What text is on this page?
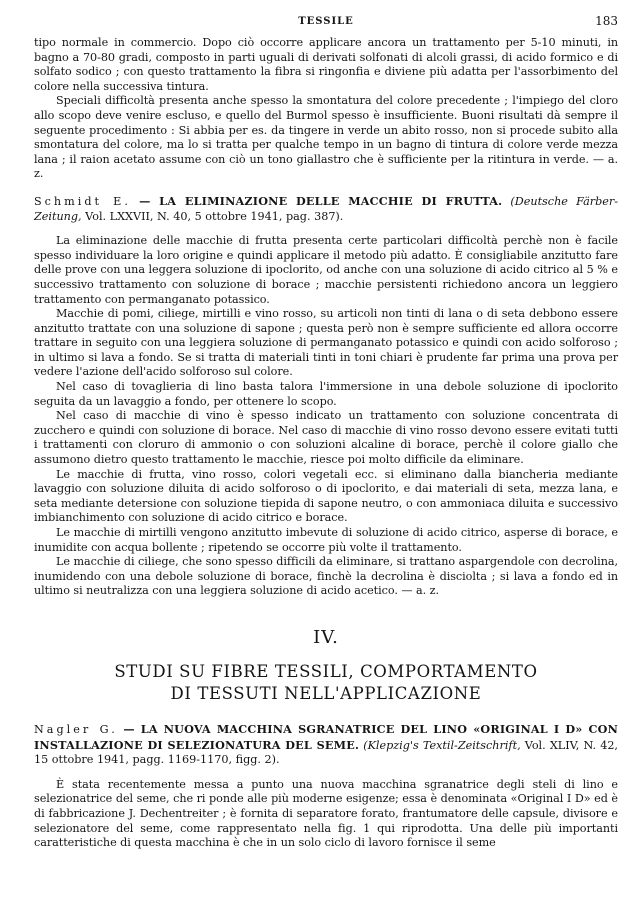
TESSILE	183

tipo normale in commercio. Dopo ciò occorre applicare ancora un trattamento per 5-10 minuti, in bagno a 70-80 gradi, composto in parti uguali di derivati solfonati di alcoli grassi, di acido formico e di solfato sodico ; con questo trattamento la fibra si ringonfia e diviene più adatta per l'assorbimento del colore nella successiva tintura.

Speciali difficoltà presenta anche spesso la smontatura del colore precedente ; l'impiego del cloro allo scopo deve venire escluso, e quello del Burmol spesso è insufficiente. Buoni risultati dà sempre il seguente procedimento : Si abbia per es. da tingere in verde un abito rosso, non si procede subito alla smontatura del colore, ma lo si tratta per qualche tempo in un bagno di tintura di colore verde mezza lana ; il raion acetato assume con ciò un tono giallastro che è sufficiente per la ritintura in verde. — a. z.

Schmidt E. — LA ELIMINAZIONE DELLE MACCHIE DI FRUTTA. (Deutsche Färber-Zeitung, Vol. LXXVII, N. 40, 5 ottobre 1941, pag. 387).

La eliminazione delle macchie di frutta presenta certe particolari difficoltà perchè non è facile spesso individuare la loro origine e quindi applicare il metodo più adatto. È consigliabile anzitutto fare delle prove con una leggera soluzione di ipoclorito, od anche con una soluzione di acido citrico al 5 % e successivo trattamento con soluzione di borace ; macchie persistenti richiedono ancora un leggiero trattamento con permanganato potassico.

Macchie di pomi, ciliege, mirtilli e vino rosso, su articoli non tinti di lana o di seta debbono essere anzitutto trattate con una soluzione di sapone ; questa però non è sempre sufficiente ed allora occorre trattare in seguito con una leggiera soluzione di permanganato potassico e quindi con acido solforoso ; in ultimo si lava a fondo. Se si tratta di materiali tinti in toni chiari è prudente far prima una prova per vedere l'azione dell'acido solforoso sul colore.

Nel caso di tovaglieria di lino basta talora l'immersione in una debole soluzione di ipoclorito seguita da un lavaggio a fondo, per ottenere lo scopo.

Nel caso di macchie di vino è spesso indicato un trattamento con soluzione concentrata di zucchero e quindi con soluzione di borace. Nel caso di macchie di vino rosso devono essere evitati tutti i trattamenti con cloruro di ammonio o con soluzioni alcaline di borace, perchè il colore giallo che assumono dietro questo trattamento le macchie, riesce poi molto difficile da eliminare.

Le macchie di frutta, vino rosso, colori vegetali ecc. si eliminano dalla biancheria mediante lavaggio con soluzione diluita di acido solforoso o di ipoclorito, e dai materiali di seta, mezza lana, e seta mediante detersione con soluzione tiepida di sapone neutro, o con ammoniaca diluita e successivo imbianchimento con soluzione di acido citrico e borace.

Le macchie di mirtilli vengono anzitutto imbevute di soluzione di acido citrico, asperse di borace, e inumidite con acqua bollente ; ripetendo se occorre più volte il trattamento.

Le macchie di ciliege, che sono spesso difficili da eliminare, si trattano aspargendole con decrolina, inumidendo con una debole soluzione di borace, finchè la decrolina è disciolta ; si lava a fondo ed in ultimo si neutralizza con una leggiera soluzione di acido acetico. — a. z.

IV.
STUDI SU FIBRE TESSILI, COMPORTAMENTO
DI TESSUTI NELL'APPLICAZIONE
Nagler G. — LA NUOVA MACCHINA SGRANATRICE DEL LINO «ORIGINAL I D» CON INSTALLAZIONE DI SELEZIONATURA DEL SEME. (Klepzig's Textil-Zeitschrift, Vol. XLIV, N. 42, 15 ottobre 1941, pagg. 1169-1170, figg. 2).

È stata recentemente messa a punto una nuova macchina sgranatrice degli steli di lino e selezionatrice del seme, che ri ponde alle più moderne esigenze; essa è denominata «Original I D» ed è di fabbricazione J. Dechentreiter ; è fornita di separatore forato, frantumatore delle capsule, divisore e selezionatore del seme, come rappresentato nella fig. 1 qui riprodotta. Una delle più importanti caratteristiche di questa macchina è che in un solo ciclo di lavoro fornisce il seme
